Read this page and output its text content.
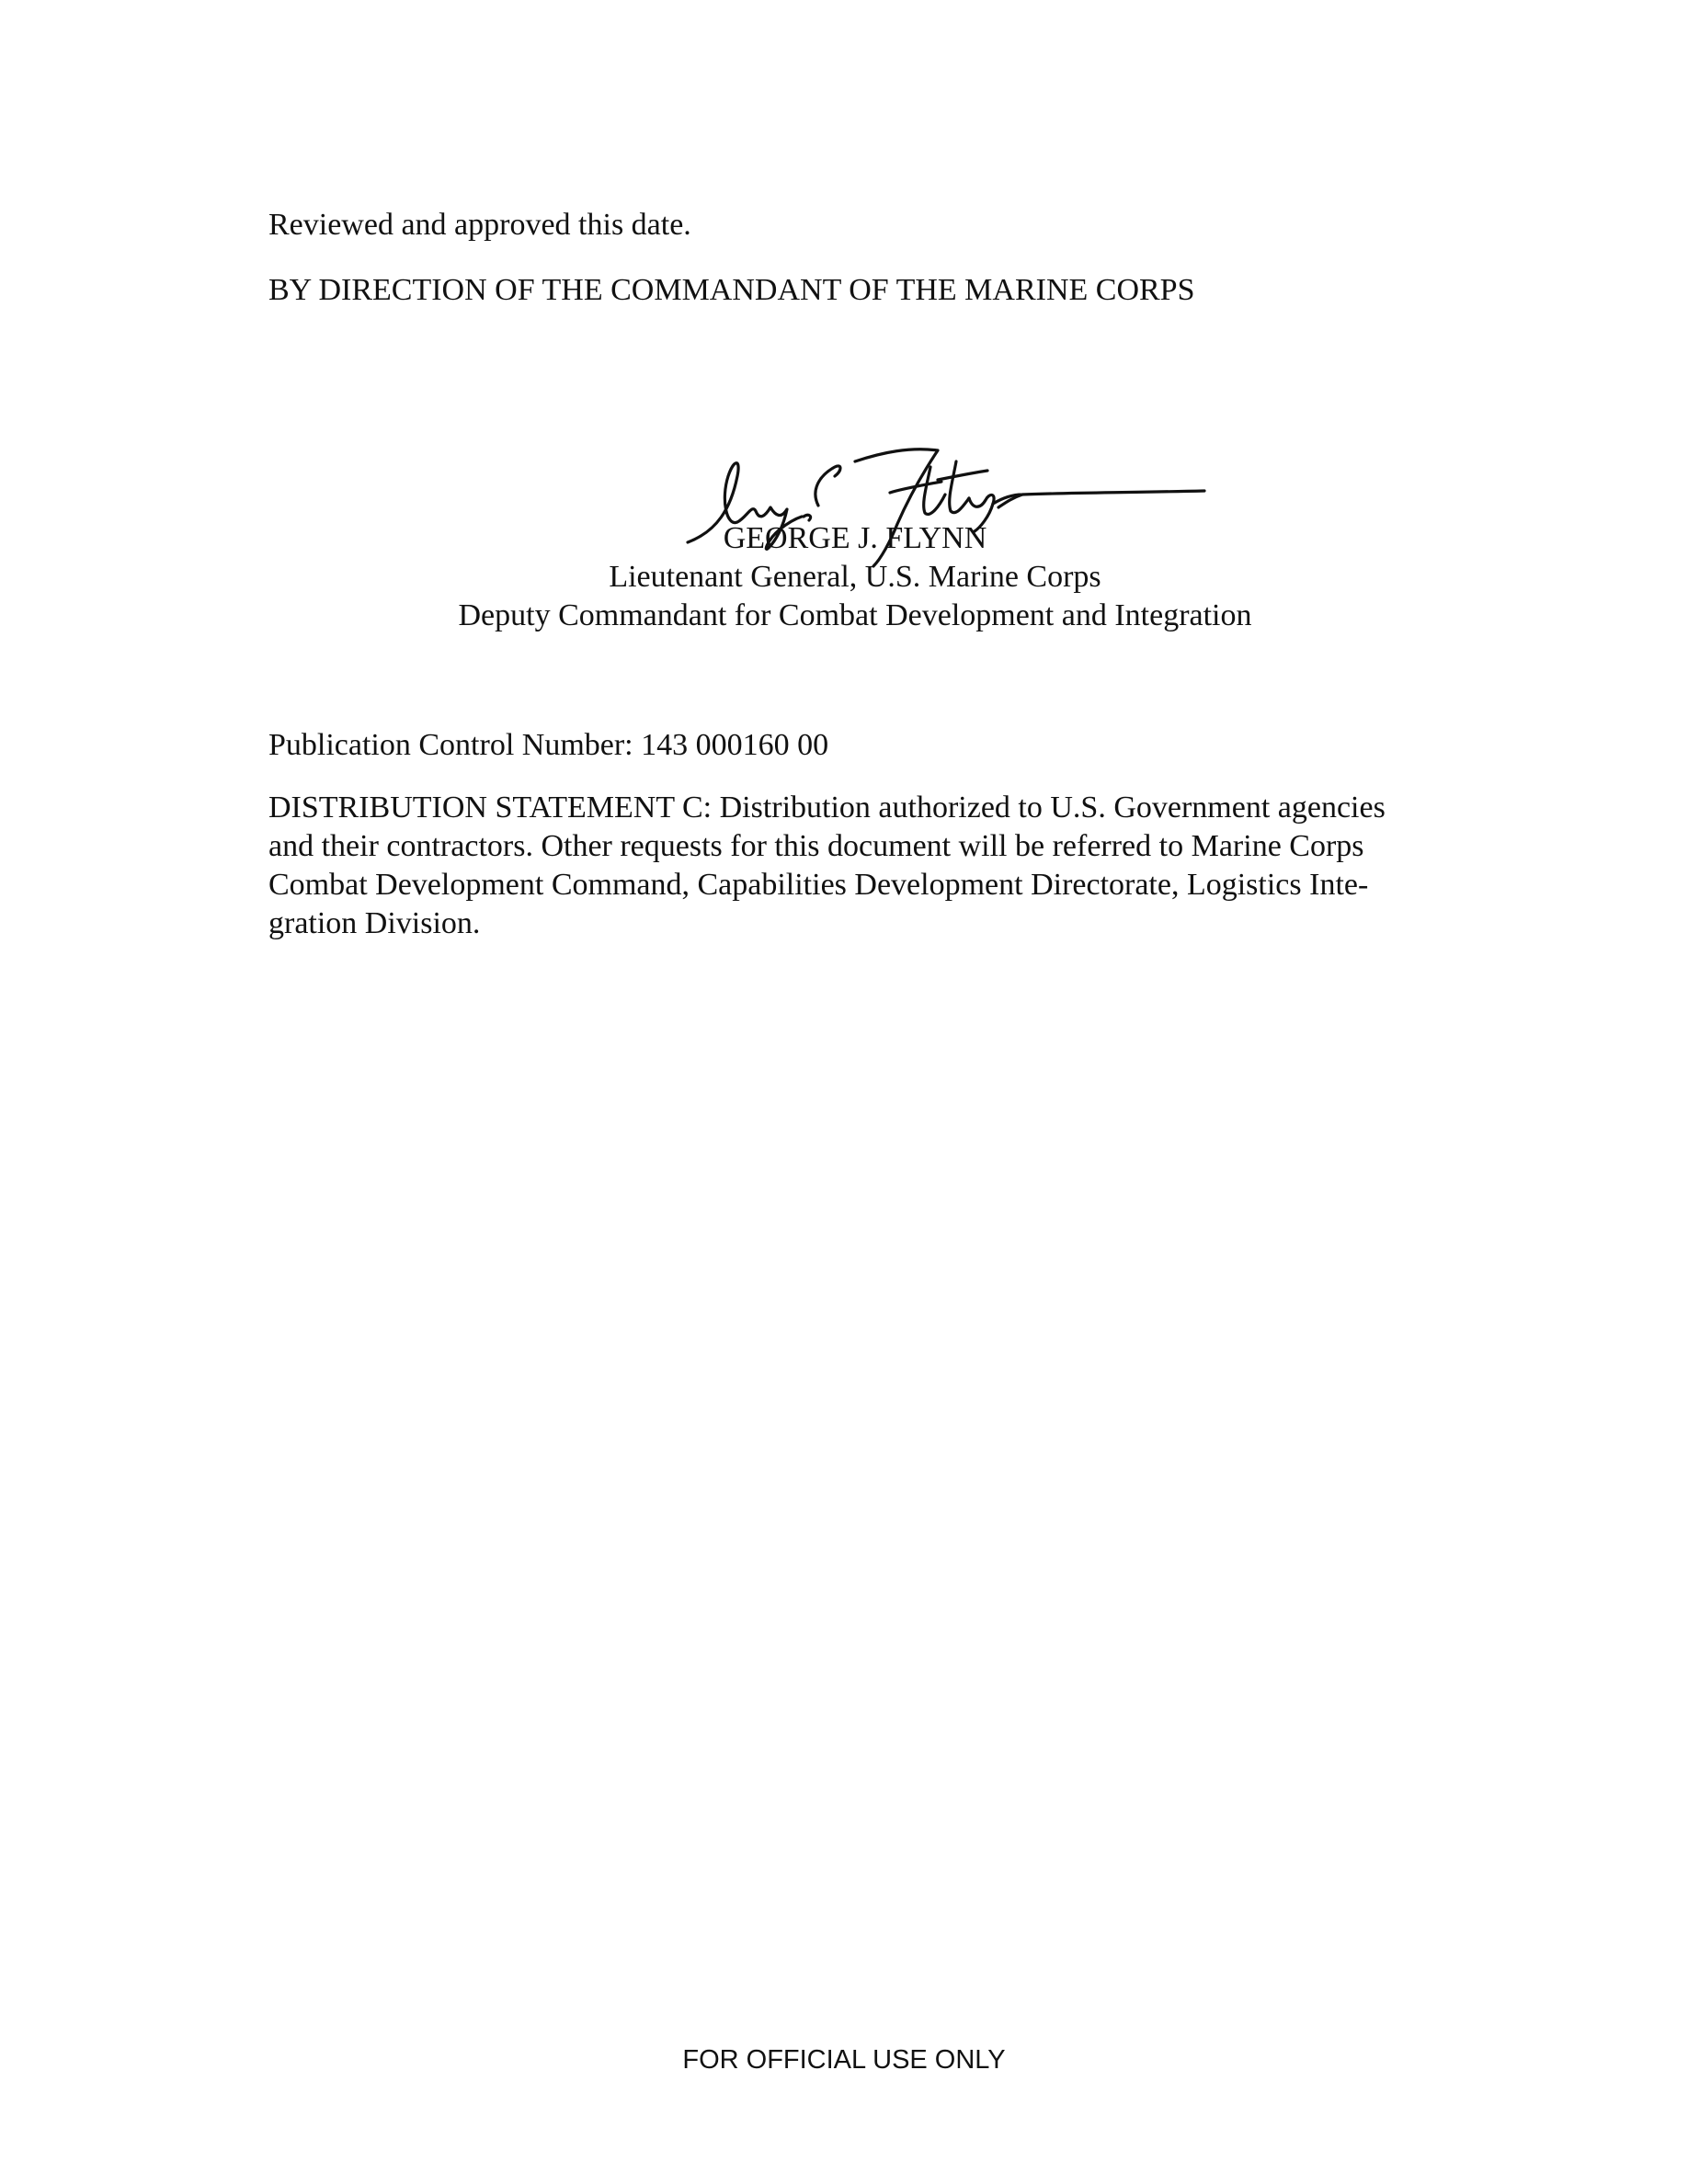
Reviewed and approved this date.
BY DIRECTION OF THE COMMANDANT OF THE MARINE CORPS
GEORGE J. FLYNN
Lieutenant General, U.S. Marine Corps
Deputy Commandant for Combat Development and Integration
Publication Control Number: 143 000160 00
DISTRIBUTION STATEMENT C: Distribution authorized to U.S. Government agencies
and their contractors. Other requests for this document will be referred to Marine Corps
Combat Development Command, Capabilities Development Directorate, Logistics Inte-
gration Division.
FOR OFFICIAL USE ONLY
